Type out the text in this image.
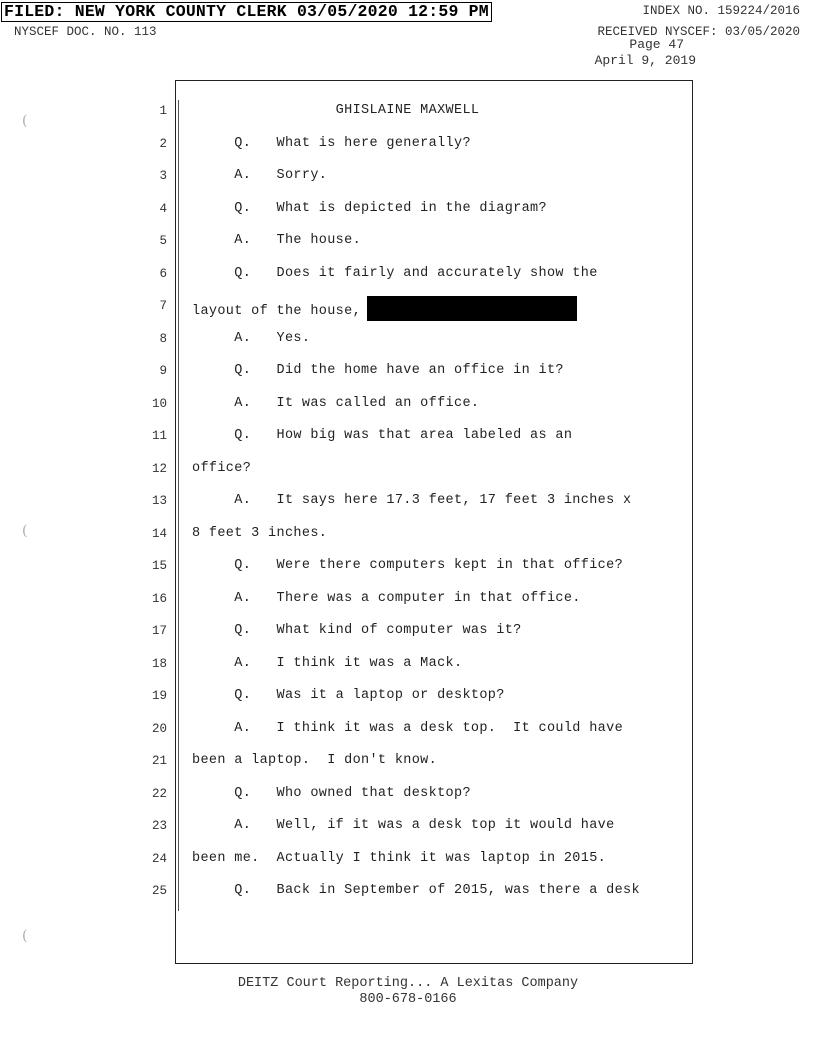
FILED: NEW YORK COUNTY CLERK 03/05/2020 12:59 PM	INDEX NO. 159224/2016
NYSCEF DOC. NO. 113	RECEIVED NYSCEF: 03/05/2020
Page 47
April 9, 2019
(
(
(
1 GHISLAINE MAXWELL
2 Q.   What is here generally?
3 A.   Sorry.
4 Q.   What is depicted in the diagram?
5 A.   The house.
6 Q.   Does it fairly and accurately show the
7 layout of the house,
8 A.   Yes.
9 Q.   Did the home have an office in it?
10 A.   It was called an office.
11 Q.   How big was that area labeled as an
12 office?
13 A.   It says here 17.3 feet, 17 feet 3 inches x
14 8 feet 3 inches.
15 Q.   Were there computers kept in that office?
16 A.   There was a computer in that office.
17 Q.   What kind of computer was it?
18 A.   I think it was a Mack.
19 Q.   Was it a laptop or desktop?
20 A.   I think it was a desk top.  It could have
21 been a laptop.  I don't know.
22 Q.   Who owned that desktop?
23 A.   Well, if it was a desk top it would have
24 been me.  Actually I think it was laptop in 2015.
25 Q.   Back in September of 2015, was there a desk
DEITZ Court Reporting... A Lexitas Company
800-678-0166
